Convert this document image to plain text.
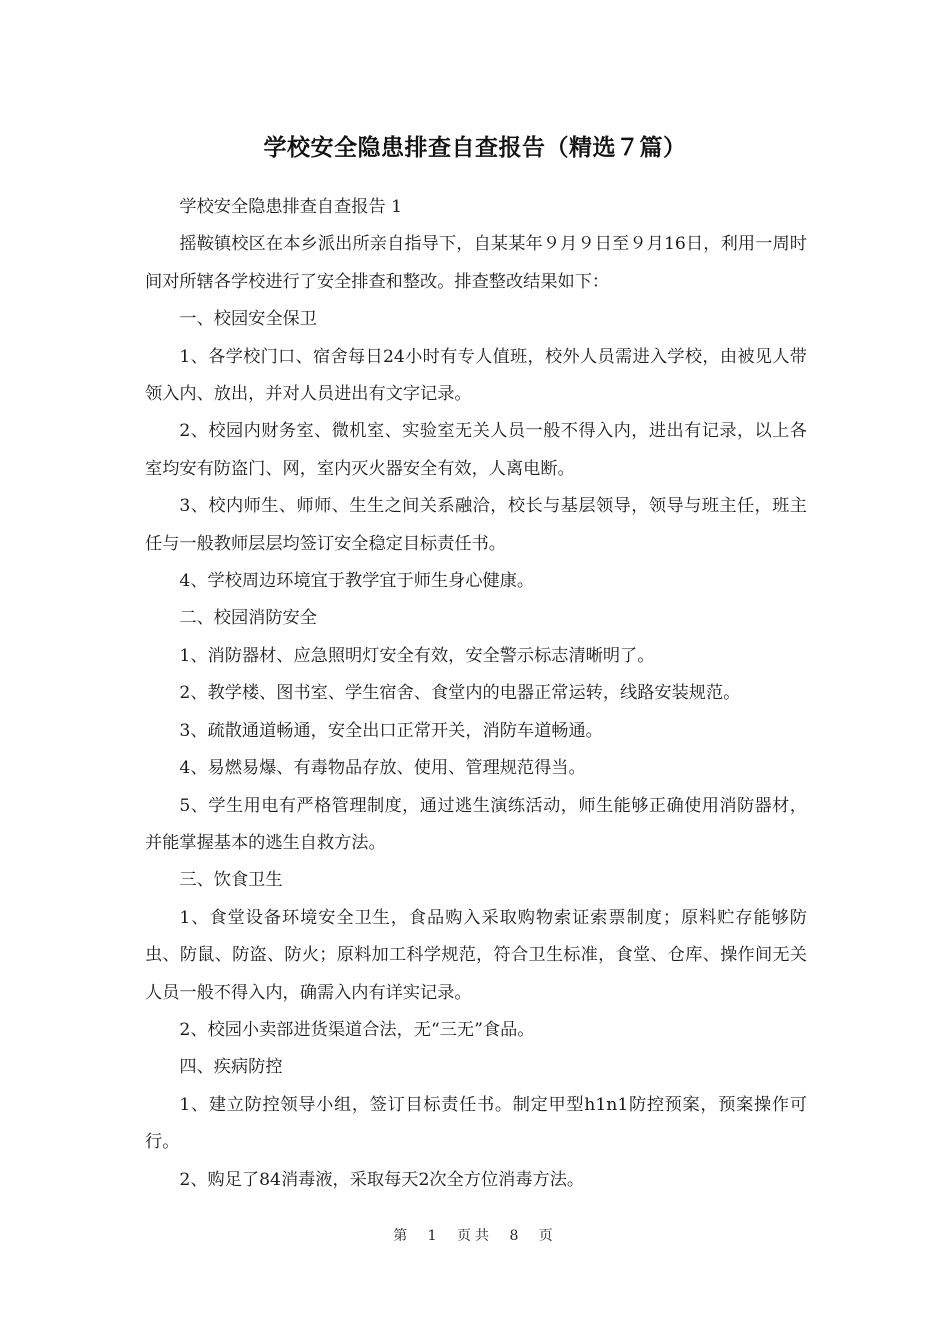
学校安全隐患排查自查报告（精选７篇）

学校安全隐患排查自查报告 1

摇鞍镇校区在本乡派出所亲自指导下，自某某年９月９日至９月16日，利用一周时间对所辖各学校进行了安全排查和整改。排查整改结果如下：

一、校园安全保卫

1、各学校门口、宿舍每日24小时有专人值班，校外人员需进入学校，由被见人带领入内、放出，并对人员进出有文字记录。

2、校园内财务室、微机室、实验室无关人员一般不得入内，进出有记录，以上各室均安有防盗门、网，室内灭火器安全有效，人离电断。

3、校内师生、师师、生生之间关系融洽，校长与基层领导，领导与班主任，班主任与一般教师层层均签订安全稳定目标责任书。

4、学校周边环境宜于教学宜于师生身心健康。

二、校园消防安全

1、消防器材、应急照明灯安全有效，安全警示标志清晰明了。

2、教学楼、图书室、学生宿舍、食堂内的电器正常运转，线路安装规范。

3、疏散通道畅通，安全出口正常开关，消防车道畅通。

4、易燃易爆、有毒物品存放、使用、管理规范得当。

5、学生用电有严格管理制度，通过逃生演练活动，师生能够正确使用消防器材，并能掌握基本的逃生自救方法。

三、饮食卫生

1、食堂设备环境安全卫生，食品购入采取购物索证索票制度；原料贮存能够防虫、防鼠、防盗、防火；原料加工科学规范，符合卫生标准，食堂、仓库、操作间无关人员一般不得入内，确需入内有详实记录。

2、校园小卖部进货渠道合法，无“三无”食品。

四、疾病防控

1、建立防控领导小组，签订目标责任书。制定甲型h1n1防控预案，预案操作可行。

2、购足了84消毒液，采取每天2次全方位消毒方法。

第 1 页共 8 页
